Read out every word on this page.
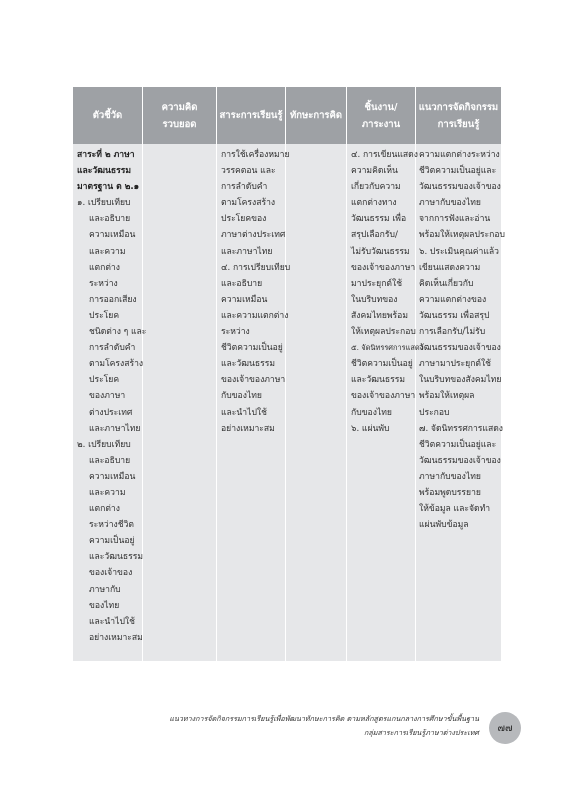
ตัวชี้วัด
ความคิด
รวบยอด
สาระการเรียนรู้ ทักษะการคิด
ชิ้นงาน/
ภาระงาน
แนวการจัดกิจกรรม
การเรียนรู้
สาระที่ ๒ ภาษา
และวัฒนธรรม
มาตรฐาน ต ๒.๑
๑. เปรียบเทียบ
และอธิบาย
ความเหมือน
และความ
แตกต่าง
ระหว่าง
การออกเสียง
ประโยค
ชนิดต่าง ๆ และ
การลำดับคำ
ตามโครงสร้าง
ประโยค
ของภาษา
ต่างประเทศ
และภาษาไทย
๒. เปรียบเทียบ
และอธิบาย
ความเหมือน
และความ
แตกต่าง
ระหว่างชีวิต
ความเป็นอยู่
และวัฒนธรรม
ของเจ้าของ
ภาษากับ
ของไทย
และนำไปใช้
อย่างเหมาะสม
การใช้เครื่องหมาย
วรรคตอน และ
การลำดับคำ
ตามโครงสร้าง
ประโยคของ
ภาษาต่างประเทศ
และภาษาไทย
๔. การเปรียบเทียบ
และอธิบาย
ความเหมือน
และความแตกต่าง
ระหว่าง
ชีวิตความเป็นอยู่
และวัฒนธรรม
ของเจ้าของภาษา
กับของไทย
และนำไปใช้
อย่างเหมาะสม
๔. การเขียนแสดง
ความคิดเห็น
เกี่ยวกับความ
แตกต่างทาง
วัฒนธรรม เพื่อ
สรุปเลือกรับ/
ไม่รับวัฒนธรรม
ของเจ้าของภาษา
มาประยุกต์ใช้
ในบริบทของ
สังคมไทยพร้อม
ให้เหตุผลประกอบ
๕. จัดนิทรรศการแสดง
ชีวิตความเป็นอยู่
และวัฒนธรรม
ของเจ้าของภาษา
กับของไทย
๖. แผ่นพับ
ความแตกต่างระหว่าง
ชีวิตความเป็นอยู่และ
วัฒนธรรมของเจ้าของ
ภาษากับของไทย
จากการฟังและอ่าน
พร้อมให้เหตุผลประกอบ
๖. ประเมินคุณค่าแล้ว
เขียนแสดงความ
คิดเห็นเกี่ยวกับ
ความแตกต่างของ
วัฒนธรรม เพื่อสรุป
การเลือกรับ/ไม่รับ
วัฒนธรรมของเจ้าของ
ภาษามาประยุกต์ใช้
ในบริบทของสังคมไทย
พร้อมให้เหตุผล
ประกอบ
๗. จัดนิทรรศการแสดง
ชีวิตความเป็นอยู่และ
วัฒนธรรมของเจ้าของ
ภาษากับของไทย
พร้อมพูดบรรยาย
ให้ข้อมูล และจัดทำ
แผ่นพับข้อมูล
แนวทางการจัดกิจกรรมการเรียนรู้เพื่อพัฒนาทักษะการคิด ตามหลักสูตรแกนกลางการศึกษาขั้นพื้นฐาน
กลุ่มสาระการเรียนรู้ภาษาต่างประเทศ ๗๗
